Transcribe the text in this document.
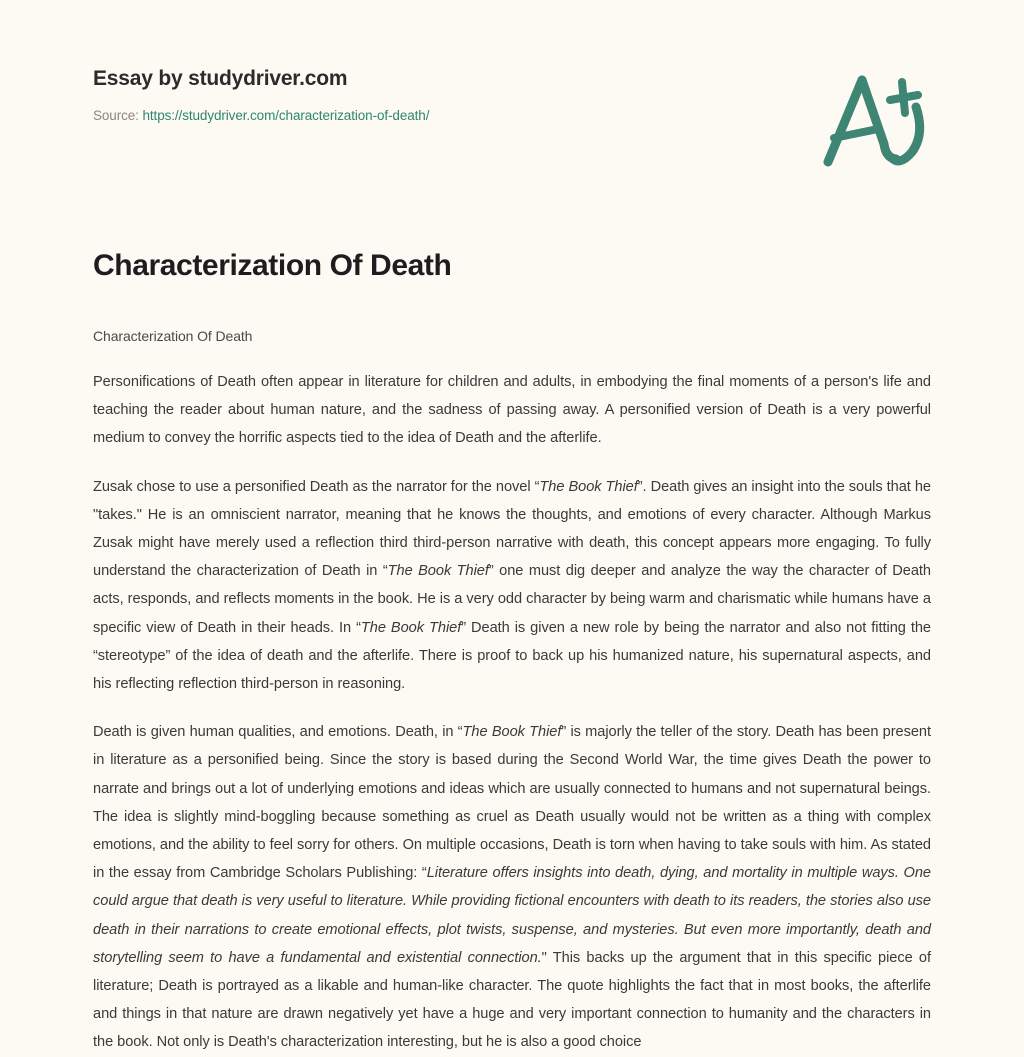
Essay by studydriver.com
Source: https://studydriver.com/characterization-of-death/
Characterization Of Death
Characterization Of Death

Personifications of Death often appear in literature for children and adults, in embodying the final moments of a person's life and teaching the reader about human nature, and the sadness of passing away. A personified version of Death is a very powerful medium to convey the horrific aspects tied to the idea of Death and the afterlife.

Zusak chose to use a personified Death as the narrator for the novel “The Book Thief”. Death gives an insight into the souls that he "takes." He is an omniscient narrator, meaning that he knows the thoughts, and emotions of every character. Although Markus Zusak might have merely used a reflection third third-person narrative with death, this concept appears more engaging. To fully understand the characterization of Death in “The Book Thief” one must dig deeper and analyze the way the character of Death acts, responds, and reflects moments in the book. He is a very odd character by being warm and charismatic while humans have a specific view of Death in their heads. In “The Book Thief” Death is given a new role by being the narrator and also not fitting the “stereotype” of the idea of death and the afterlife. There is proof to back up his humanized nature, his supernatural aspects, and his reflecting reflection third-person in reasoning.

Death is given human qualities, and emotions. Death, in “The Book Thief” is majorly the teller of the story. Death has been present in literature as a personified being. Since the story is based during the Second World War, the time gives Death the power to narrate and brings out a lot of underlying emotions and ideas which are usually connected to humans and not supernatural beings. The idea is slightly mind-boggling because something as cruel as Death usually would not be written as a thing with complex emotions, and the ability to feel sorry for others. On multiple occasions, Death is torn when having to take souls with him. As stated in the essay from Cambridge Scholars Publishing: “Literature offers insights into death, dying, and mortality in multiple ways. One could argue that death is very useful to literature. While providing fictional encounters with death to its readers, the stories also use death in their narrations to create emotional effects, plot twists, suspense, and mysteries. But even more importantly, death and storytelling seem to have a fundamental and existential connection." This backs up the argument that in this specific piece of literature; Death is portrayed as a likable and human-like character. The quote highlights the fact that in most books, the afterlife and things in that nature are drawn negatively yet have a huge and very important connection to humanity and the characters in the book. Not only is Death's characterization interesting, but he is also a good choice
